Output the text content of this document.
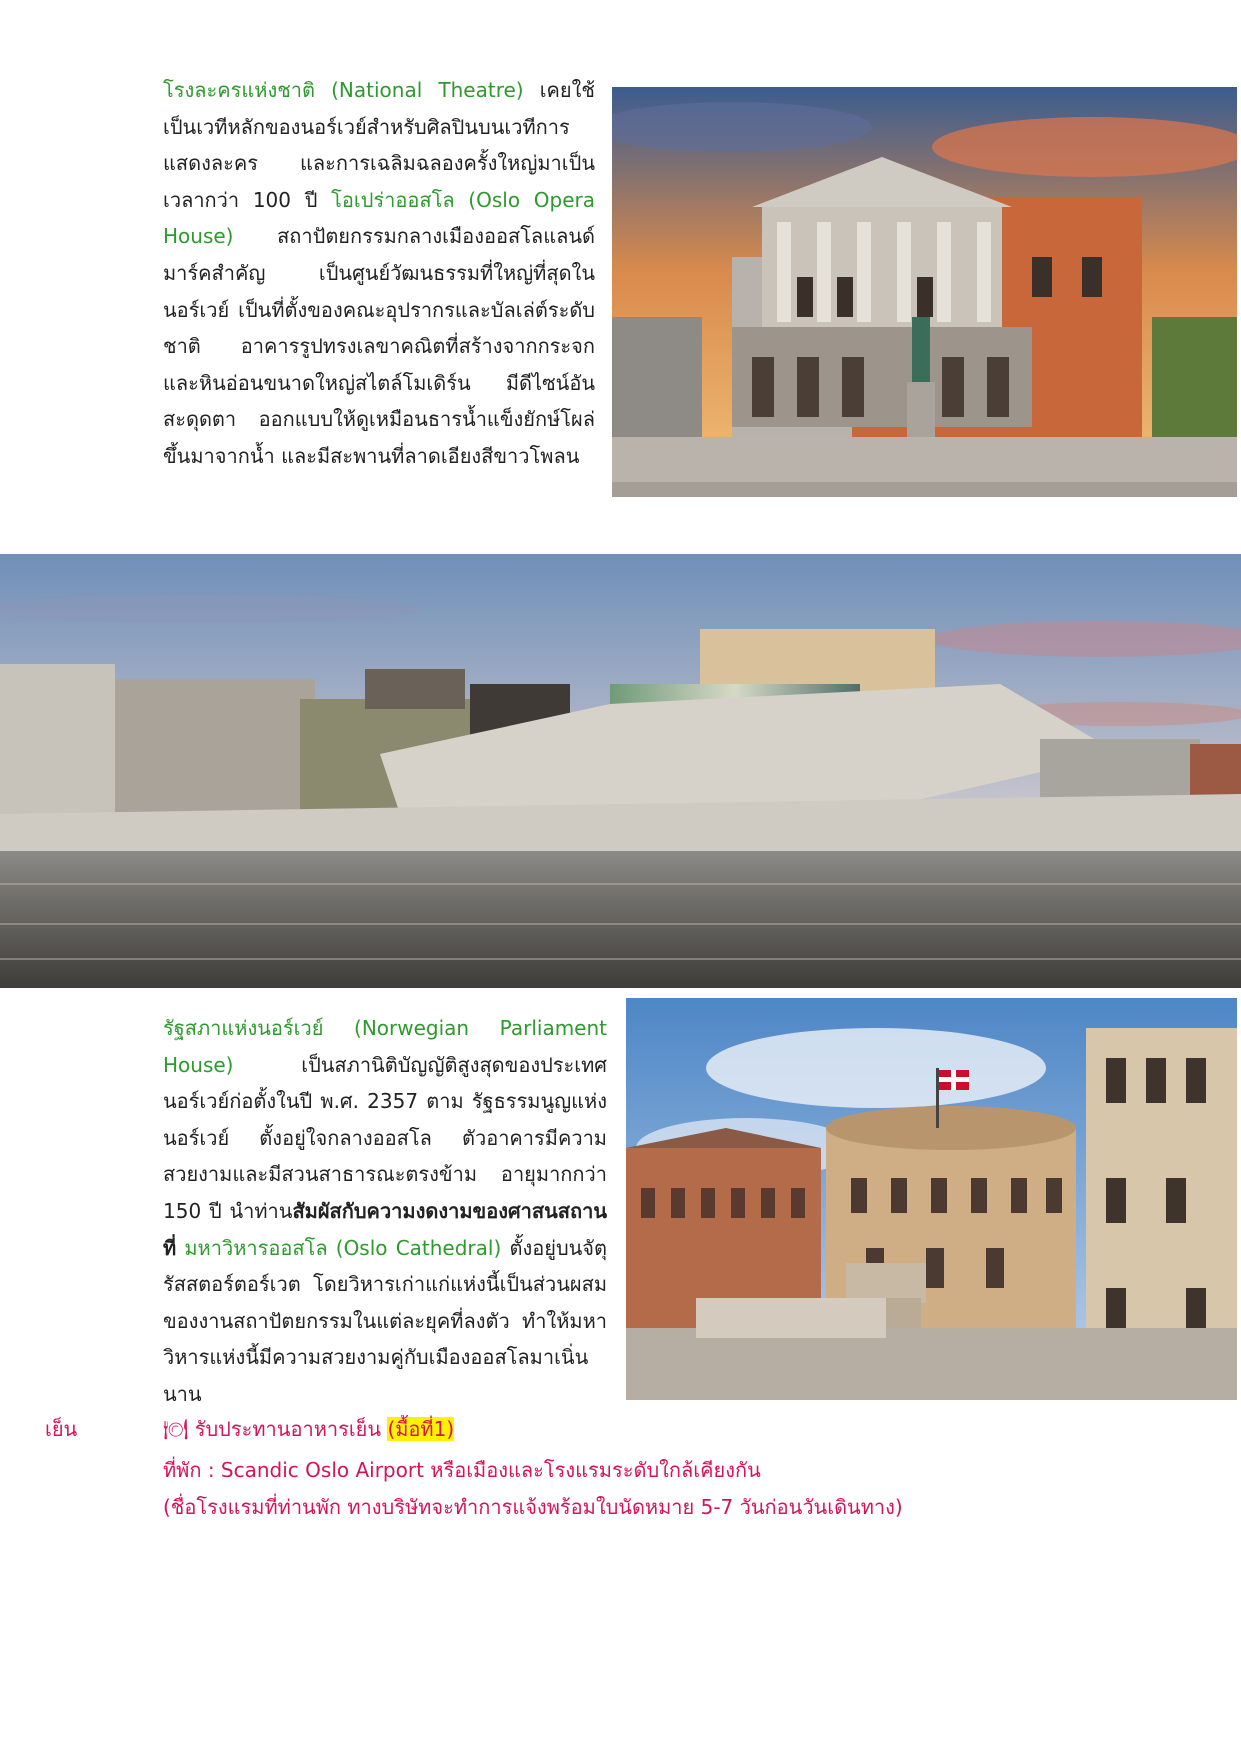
โรงละครแห่งชาติ (National Theatre) เคยใช้เป็นเวทีหลักของนอร์เวย์สำหรับศิลปินบนเวทีการแสดงละคร และการเฉลิมฉลองครั้งใหญ่มาเป็นเวลากว่า 100 ปี โอเปร่าออสโล (Oslo Opera House) สถาปัตยกรรมกลางเมืองออสโลแลนด์มาร์คสำคัญ เป็นศูนย์วัฒนธรรมที่ใหญ่ที่สุดในนอร์เวย์ เป็นที่ตั้งของคณะอุปรากรและบัลเล่ต์ระดับชาติ อาคารรูปทรงเลขาคณิตที่สร้างจากกระจกและหินอ่อนขนาดใหญ่สไตล์โมเดิร์น มีดีไซน์อันสะดุดตา ออกแบบให้ดูเหมือนธารน้ำแข็งยักษ์โผล่ขึ้นมาจากน้ำ และมีสะพานที่ลาดเอียงสีขาวโพลน

รัฐสภาแห่งนอร์เวย์ (Norwegian Parliament House) เป็นสภานิติบัญญัติสูงสุดของประเทศนอร์เวย์ก่อตั้งในปี พ.ศ. 2357 ตาม รัฐธรรมนูญแห่งนอร์เวย์ ตั้งอยู่ใจกลางออสโล ตัวอาคารมีความสวยงามและมีสวนสาธารณะตรงข้าม อายุมากกว่า 150 ปี นำท่านสัมผัสกับความงดงามของศาสนสถานที่ มหาวิหารออสโล (Oslo Cathedral) ตั้งอยู่บนจัตุรัสสตอร์ตอร์เวต โดยวิหารเก่าแก่แห่งนี้เป็นส่วนผสมของงานสถาปัตยกรรมในแต่ละยุคที่ลงตัว ทำให้มหาวิหารแห่งนี้มีความสวยงามคู่กับเมืองออสโลมาเนิ่นนาน

เย็น	🍽 รับประทานอาหารเย็น (มื้อที่1)
ที่พัก : Scandic Oslo Airport หรือเมืองและโรงแรมระดับใกล้เคียงกัน
(ชื่อโรงแรมที่ท่านพัก ทางบริษัทจะทำการแจ้งพร้อมใบนัดหมาย 5-7 วันก่อนวันเดินทาง)
